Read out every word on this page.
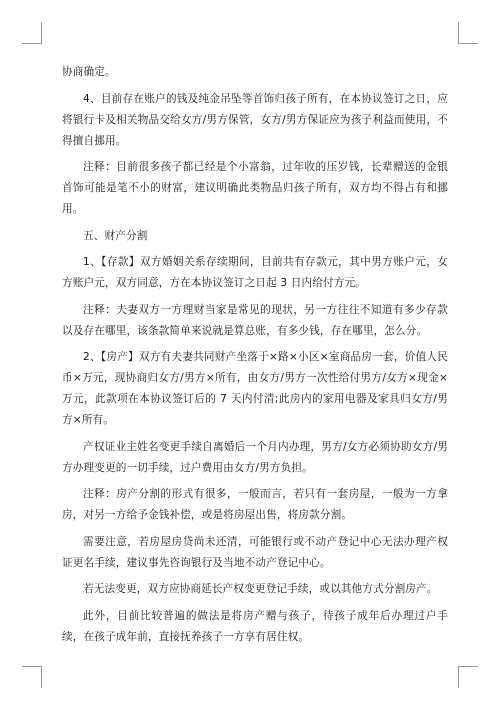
协商确定。

4、目前存在账户的钱及纯金吊坠等首饰归孩子所有，在本协议签订之日，应将银行卡及相关物品交给女方/男方保管，女方/男方保证应为孩子利益而使用，不得擅自挪用。

注释：目前很多孩子都已经是个小富翁，过年收的压岁钱，长辈赠送的金银首饰可能是笔不小的财富，建议明确此类物品归孩子所有，双方均不得占有和挪用。

五、财产分割

1、【存款】双方婚姻关系存续期间，目前共有存款元，其中男方账户元，女方账户元，双方同意，方在本协议签订之日起 3 日内给付方元。

注释：夫妻双方一方理财当家是常见的现状，另一方往往不知道有多少存款以及存在哪里，该条款简单来说就是算总账，有多少钱，存在哪里，怎么分。

2、【房产】双方有夫妻共同财产坐落于×路×小区×室商品房一套，价值人民币×万元，现协商归女方/男方×所有，由女方/男方一次性给付男方/女方×现金×万元，此款项在本协议签订后的 7 天内付清;此房内的家用电器及家具归女方/男方×所有。

产权证业主姓名变更手续自离婚后一个月内办理，男方/女方必须协助女方/男方办理变更的一切手续，过户费用由女方/男方负担。

注释：房产分割的形式有很多，一般而言，若只有一套房屋，一般为一方拿房，对另一方给予金钱补偿，或是将房屋出售，将房款分割。

需要注意，若房屋房贷尚未还清，可能银行或不动产登记中心无法办理产权证更名手续，建议事先咨询银行及当地不动产登记中心。

若无法变更，双方应协商延长产权变更登记手续，或以其他方式分割房产。

此外，目前比较普遍的做法是将房产赠与孩子，待孩子成年后办理过户手续，在孩子成年前，直接抚养孩子一方享有居住权。
